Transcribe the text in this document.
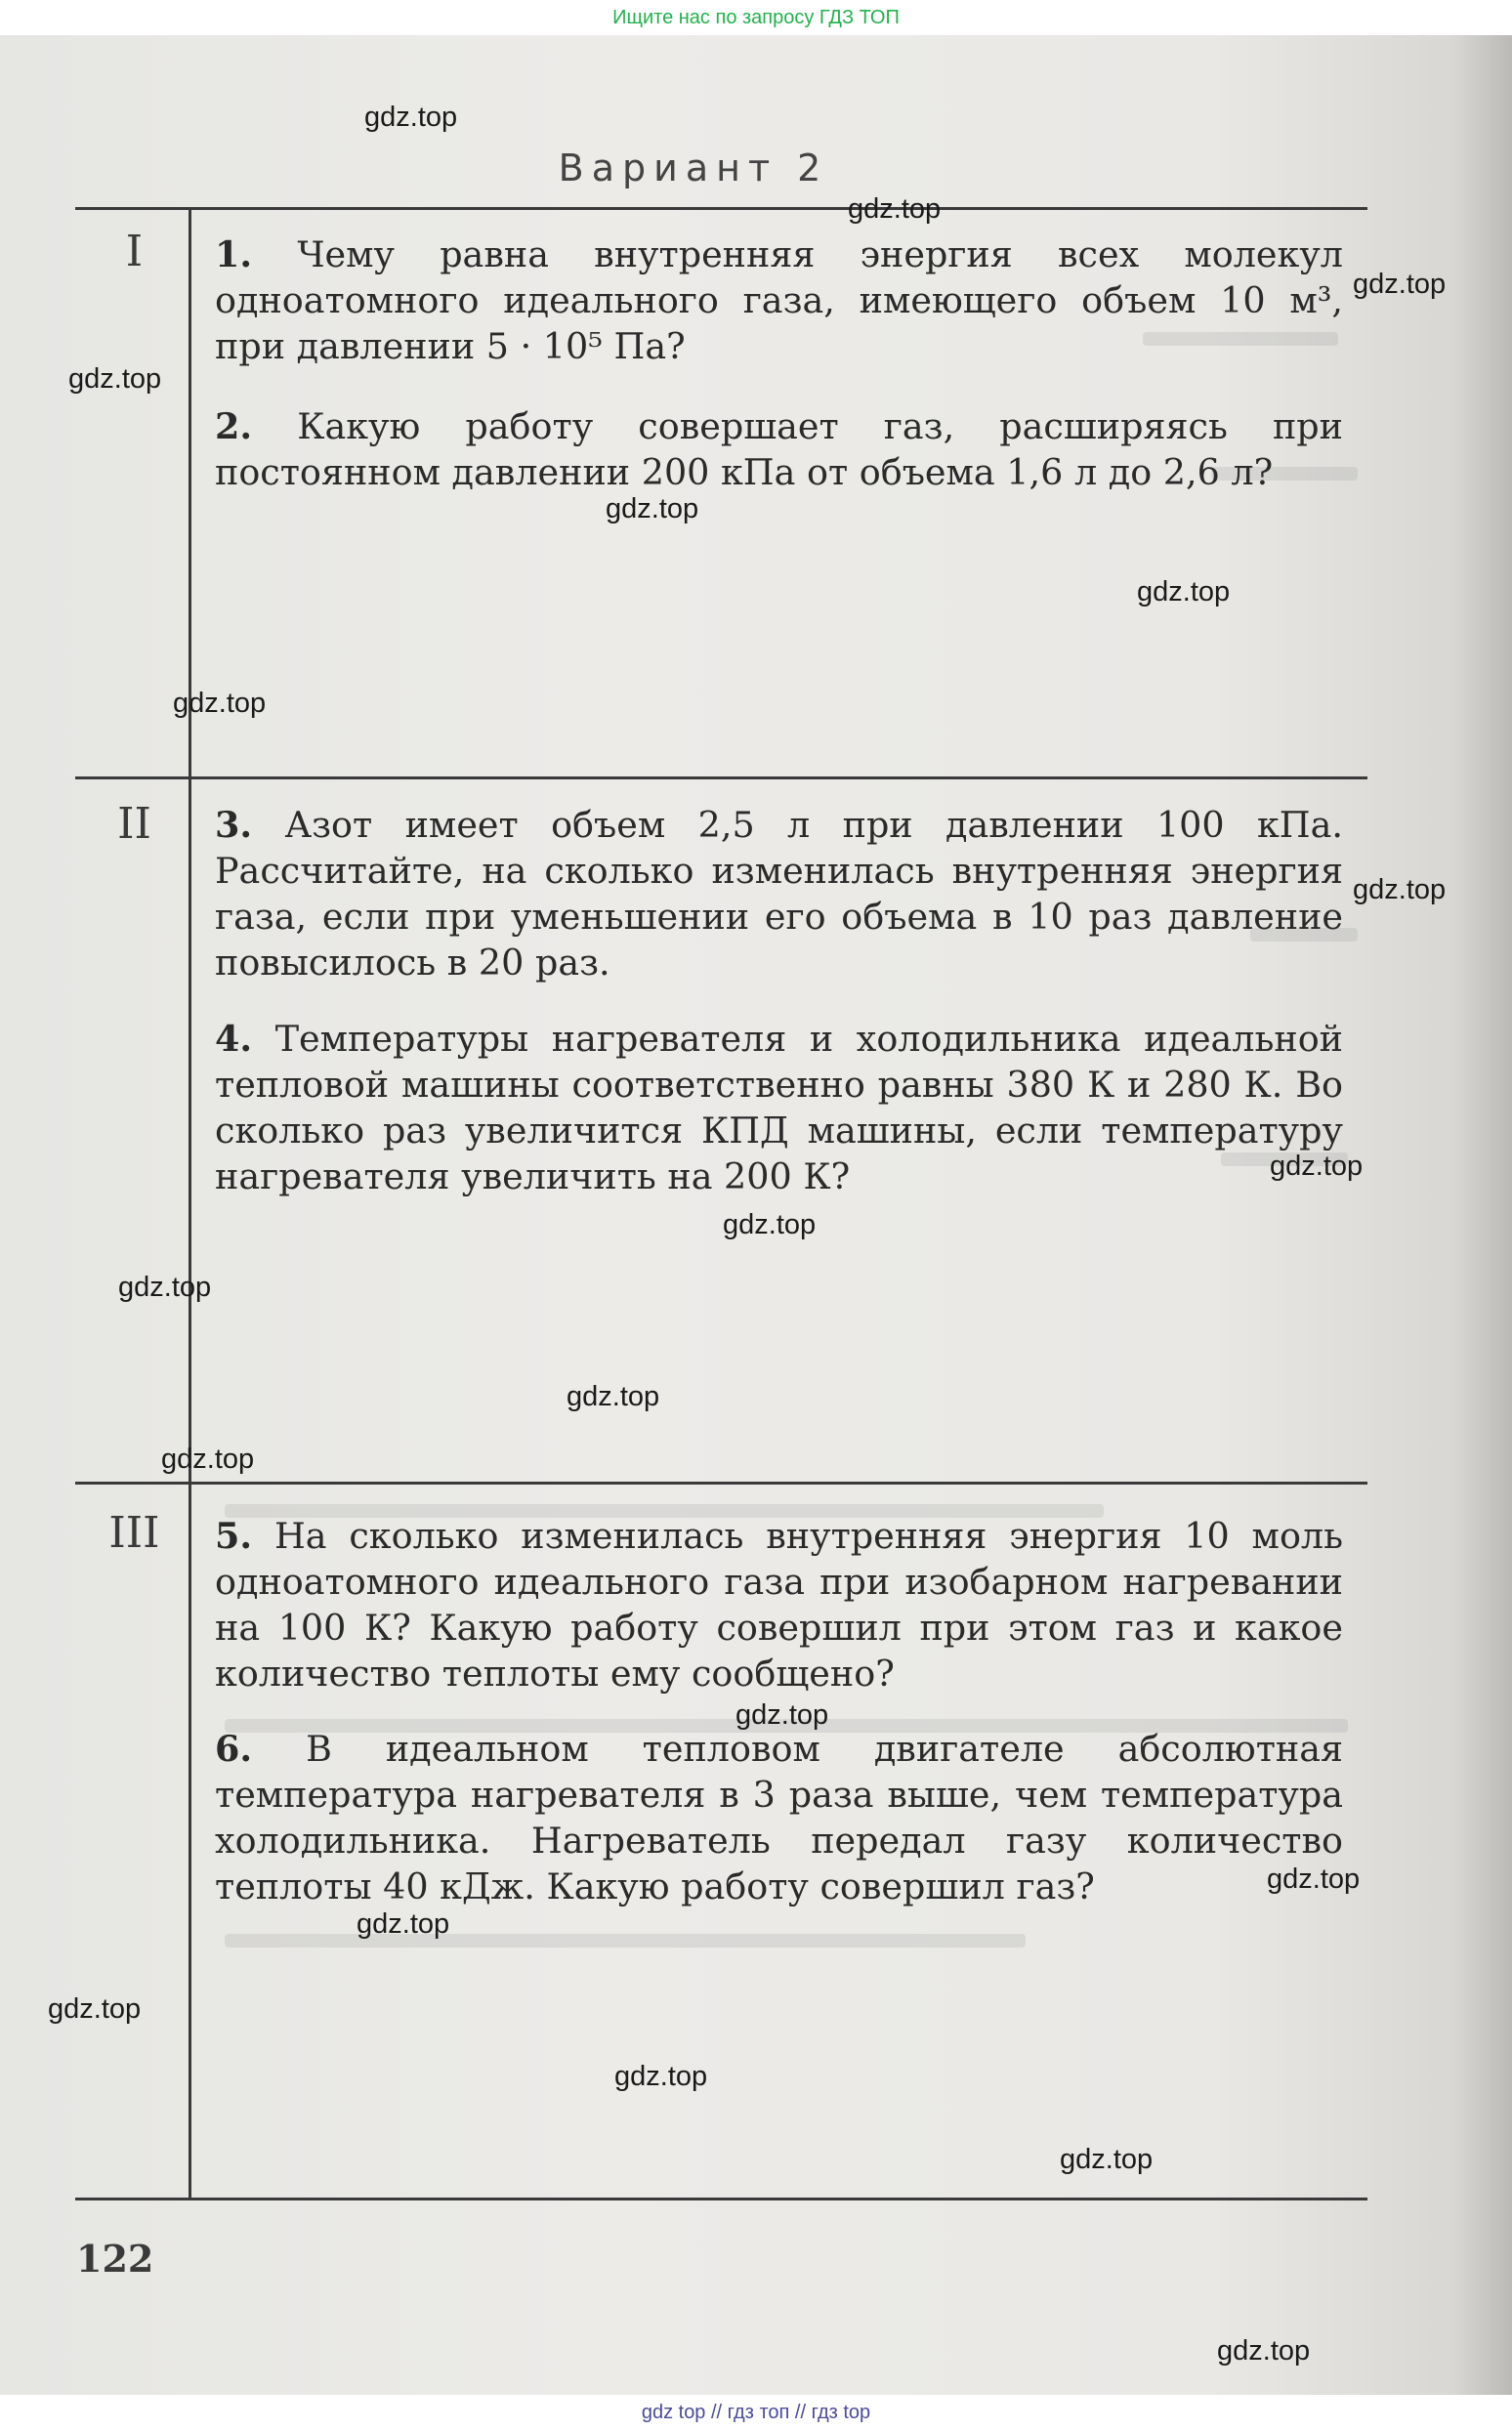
Ищите нас по запросу ГДЗ ТОП
Вариант 2
I
II
III

1. Чему равна внутренняя энергия всех молекул одноатомного идеального газа, имеющего объем 10 м³, при давлении 5 · 10⁵ Па?

2. Какую работу совершает газ, расширяясь при постоянном давлении 200 кПа от объема 1,6 л до 2,6 л?

3. Азот имеет объем 2,5 л при давлении 100 кПа. Рассчитайте, на сколько изменилась внутренняя энергия газа, если при уменьшении его объема в 10 раз давление повысилось в 20 раз.

4. Температуры нагревателя и холодильника идеальной тепловой машины соответственно равны 380 К и 280 К. Во сколько раз увеличится КПД машины, если температуру нагревателя увеличить на 200 К?

5. На сколько изменилась внутренняя энергия 10 моль одноатомного идеального газа при изобарном нагревании на 100 К? Какую работу совершил при этом газ и какое количество теплоты ему сообщено?

6. В идеальном тепловом двигателе абсолютная температура нагревателя в 3 раза выше, чем температура холодильника. Нагреватель передал газу количество теплоты 40 кДж. Какую работу совершил газ?

122
gdz.top
gdz.top
gdz.top
gdz.top
gdz.top
gdz.top
gdz.top
gdz.top
gdz.top
gdz.top
gdz.top
gdz.top
gdz.top
gdz.top
gdz.top
gdz.top
gdz.top
gdz.top
gdz.top
gdz.top
gdz top // гдз топ // гдз top
